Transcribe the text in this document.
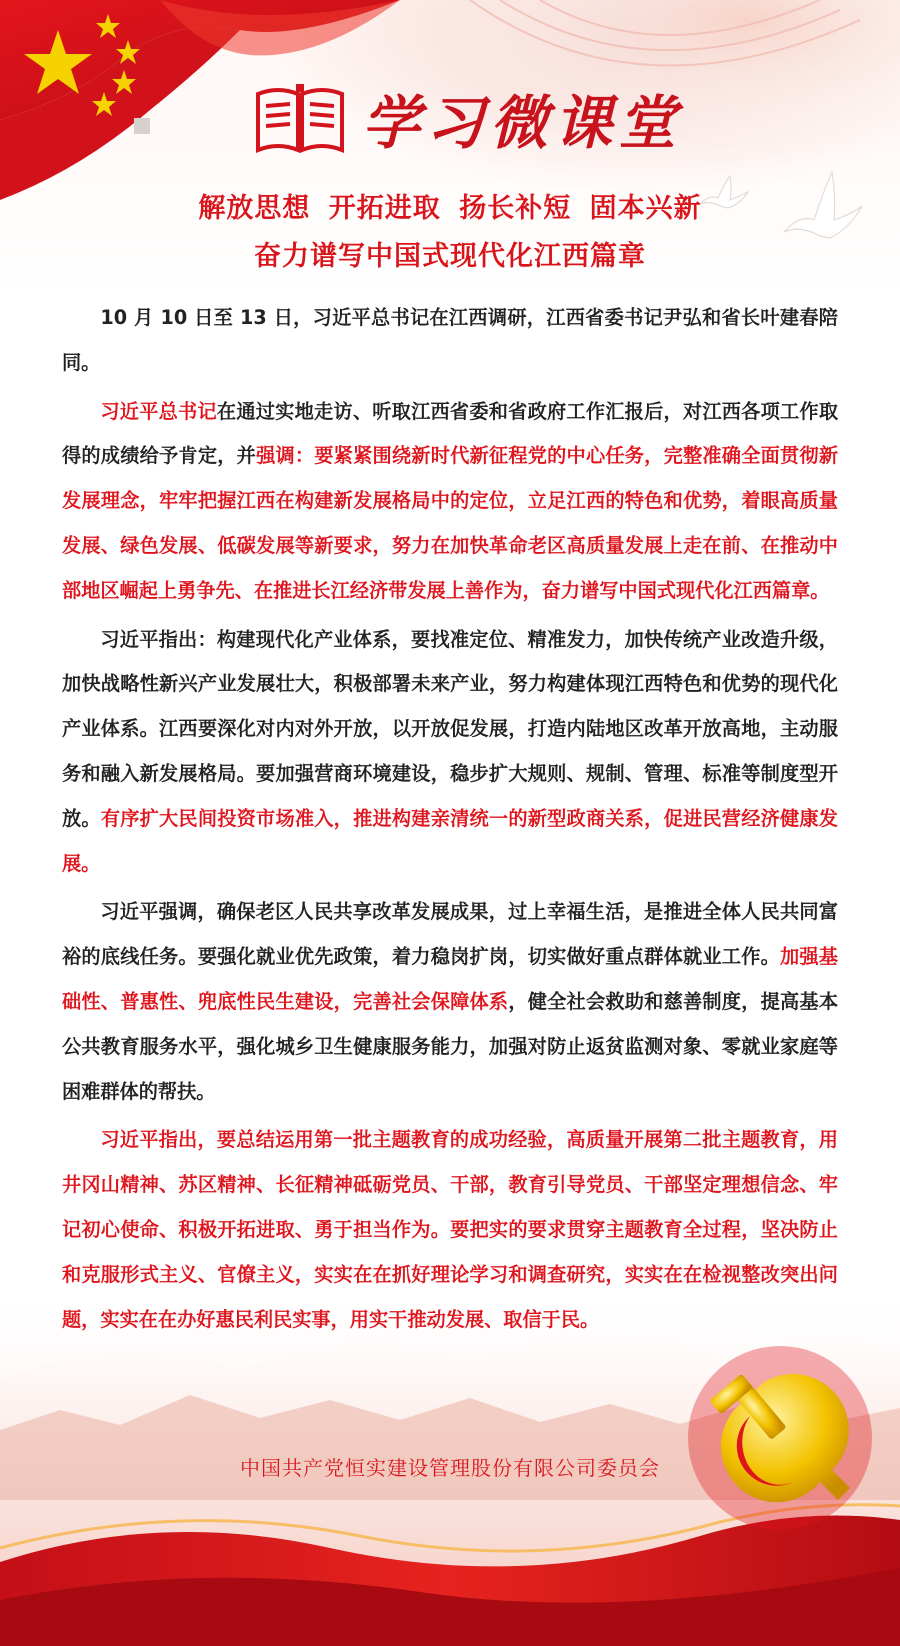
学习微课堂
解放思想 开拓进取 扬长补短 固本兴新
奋力谱写中国式现代化江西篇章

10 月 10 日至 13 日，习近平总书记在江西调研，江西省委书记尹弘和省长叶建春陪同。

习近平总书记在通过实地走访、听取江西省委和省政府工作汇报后，对江西各项工作取得的成绩给予肯定，并强调：要紧紧围绕新时代新征程党的中心任务，完整准确全面贯彻新发展理念，牢牢把握江西在构建新发展格局中的定位，立足江西的特色和优势，着眼高质量发展、绿色发展、低碳发展等新要求，努力在加快革命老区高质量发展上走在前、在推动中部地区崛起上勇争先、在推进长江经济带发展上善作为，奋力谱写中国式现代化江西篇章。

习近平指出：构建现代化产业体系，要找准定位、精准发力，加快传统产业改造升级，加快战略性新兴产业发展壮大，积极部署未来产业，努力构建体现江西特色和优势的现代化产业体系。江西要深化对内对外开放，以开放促发展，打造内陆地区改革开放高地，主动服务和融入新发展格局。要加强营商环境建设，稳步扩大规则、规制、管理、标准等制度型开放。有序扩大民间投资市场准入，推进构建亲清统一的新型政商关系，促进民营经济健康发展。

习近平强调，确保老区人民共享改革发展成果，过上幸福生活，是推进全体人民共同富裕的底线任务。要强化就业优先政策，着力稳岗扩岗，切实做好重点群体就业工作。加强基础性、普惠性、兜底性民生建设，完善社会保障体系，健全社会救助和慈善制度，提高基本公共教育服务水平，强化城乡卫生健康服务能力，加强对防止返贫监测对象、零就业家庭等困难群体的帮扶。

习近平指出，要总结运用第一批主题教育的成功经验，高质量开展第二批主题教育，用井冈山精神、苏区精神、长征精神砥砺党员、干部，教育引导党员、干部坚定理想信念、牢记初心使命、积极开拓进取、勇于担当作为。要把实的要求贯穿主题教育全过程，坚决防止和克服形式主义、官僚主义，实实在在抓好理论学习和调查研究，实实在在检视整改突出问题，实实在在办好惠民利民实事，用实干推动发展、取信于民。

中国共产党恒实建设管理股份有限公司委员会
